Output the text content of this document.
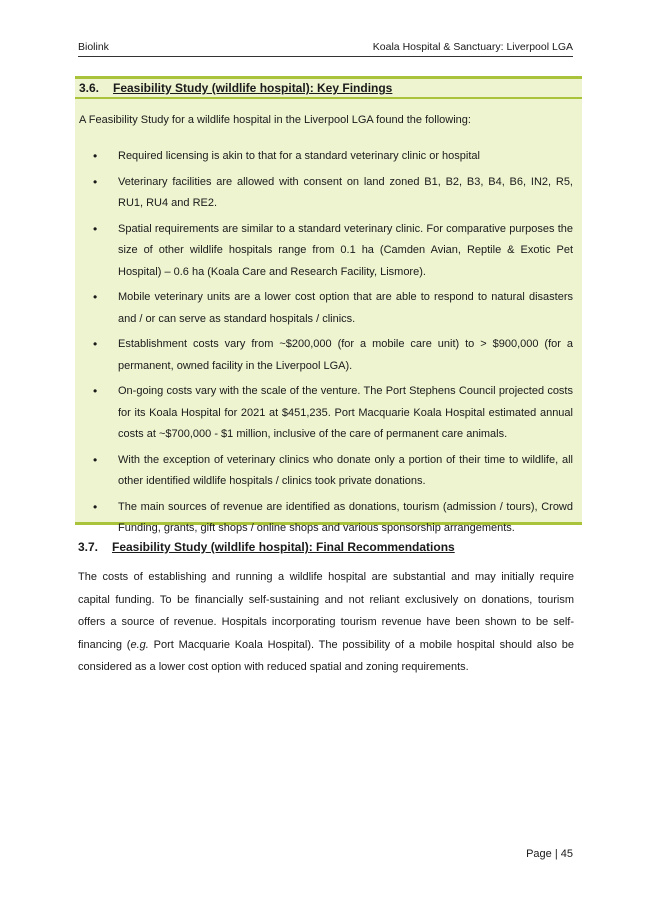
Biolink	Koala Hospital & Sanctuary: Liverpool LGA
3.6. Feasibility Study (wildlife hospital): Key Findings
A Feasibility Study for a wildlife hospital in the Liverpool LGA found the following:
• Required licensing is akin to that for a standard veterinary clinic or hospital
• Veterinary facilities are allowed with consent on land zoned B1, B2, B3, B4, B6, IN2, R5, RU1, RU4 and RE2.
• Spatial requirements are similar to a standard veterinary clinic. For comparative purposes the size of other wildlife hospitals range from 0.1 ha (Camden Avian, Reptile & Exotic Pet Hospital) – 0.6 ha (Koala Care and Research Facility, Lismore).
• Mobile veterinary units are a lower cost option that are able to respond to natural disasters and / or can serve as standard hospitals / clinics.
• Establishment costs vary from ~$200,000 (for a mobile care unit) to > $900,000 (for a permanent, owned facility in the Liverpool LGA).
• On-going costs vary with the scale of the venture. The Port Stephens Council projected costs for its Koala Hospital for 2021 at $451,235. Port Macquarie Koala Hospital estimated annual costs at ~$700,000 - $1 million, inclusive of the care of permanent care animals.
• With the exception of veterinary clinics who donate only a portion of their time to wildlife, all other identified wildlife hospitals / clinics took private donations.
• The main sources of revenue are identified as donations, tourism (admission / tours), Crowd Funding, grants, gift shops / online shops and various sponsorship arrangements.
3.7. Feasibility Study (wildlife hospital): Final Recommendations

The costs of establishing and running a wildlife hospital are substantial and may initially require capital funding. To be financially self-sustaining and not reliant exclusively on donations, tourism offers a source of revenue. Hospitals incorporating tourism revenue have been shown to be self-financing (e.g. Port Macquarie Koala Hospital). The possibility of a mobile hospital should also be considered as a lower cost option with reduced spatial and zoning requirements.

Page | 45
